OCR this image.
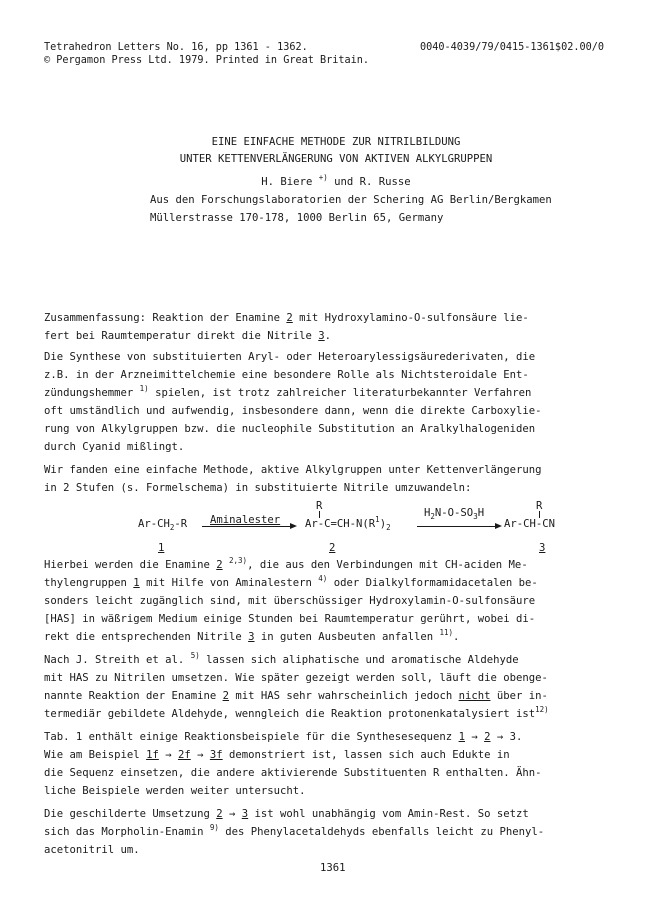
Tetrahedron Letters No. 16, pp 1361 - 1362.	0040-4039/79/0415-1361$02.00/0
© Pergamon Press Ltd. 1979. Printed in Great Britain.
EINE EINFACHE METHODE ZUR NITRILBILDUNG
UNTER KETTENVERLÄNGERUNG VON AKTIVEN ALKYLGRUPPEN
H. Biere +) und R. Russe
Aus den Forschungslaboratorien der Schering AG Berlin/Bergkamen
Müllerstrasse 170-178, 1000 Berlin 65, Germany
Zusammenfassung: Reaktion der Enamine 2 mit Hydroxylamino-O-sulfonsäure lie-
fert bei Raumtemperatur direkt die Nitrile 3.
Die Synthese von substituierten Aryl- oder Heteroarylessigsäurederivaten, die
z.B. in der Arzneimittelchemie eine besondere Rolle als Nichtsteroidale Ent-
zündungshemmer $^{1)}$ spielen, ist trotz zahlreicher literaturbekannter Verfahren
oft umständlich und aufwendig, insbesondere dann, wenn die direkte Carboxylie-
rung von Alkylgruppen bzw. die nucleophile Substitution an Aralkylhalogeniden
durch Cyanid mißlingt.
Wir fanden eine einfache Methode, aktive Alkylgruppen unter Kettenverlängerung
in 2 Stufen (s. Formelschema) in substituierte Nitrile umzuwandeln:
$Ar-CH_2-R$ Aminalester
R
$Ar-C=CH-N(R^1)_2$
$H_2N-O-SO_3H$
R
Ar-CH-CN
1	2	3
Hierbei werden die Enamine 2 $^{2,3)}$, die aus den Verbindungen mit CH-aciden Me-
thylengruppen 1 mit Hilfe von Aminalestern $^{4)}$ oder Dialkylformamidacetalen be-
sonders leicht zugänglich sind, mit überschüssiger Hydroxylamin-O-sulfonsäure
[HAS] in wäßrigem Medium einige Stunden bei Raumtemperatur gerührt, wobei di-
rekt die entsprechenden Nitrile 3 in guten Ausbeuten anfallen $^{11)}$.
Nach J. Streith et al. $^{5)}$ lassen sich aliphatische und aromatische Aldehyde
mit HAS zu Nitrilen umsetzen. Wie später gezeigt werden soll, läuft die obenge-
nannte Reaktion der Enamine 2 mit HAS sehr wahrscheinlich jedoch nicht über in-
termediär gebildete Aldehyde, wenngleich die Reaktion protonenkatalysiert ist$^{12)}$
Tab. 1 enthält einige Reaktionsbeispiele für die Synthesesequenz 1 → 2 → 3.
Wie am Beispiel 1f → 2f → 3f demonstriert ist, lassen sich auch Edukte in
die Sequenz einsetzen, die andere aktivierende Substituenten R enthalten. Ähn-
liche Beispiele werden weiter untersucht.
Die geschilderte Umsetzung 2 → 3 ist wohl unabhängig vom Amin-Rest. So setzt
sich das Morpholin-Enamin $^{9)}$ des Phenylacetaldehyds ebenfalls leicht zu Phenyl-
acetonitril um.
1361
